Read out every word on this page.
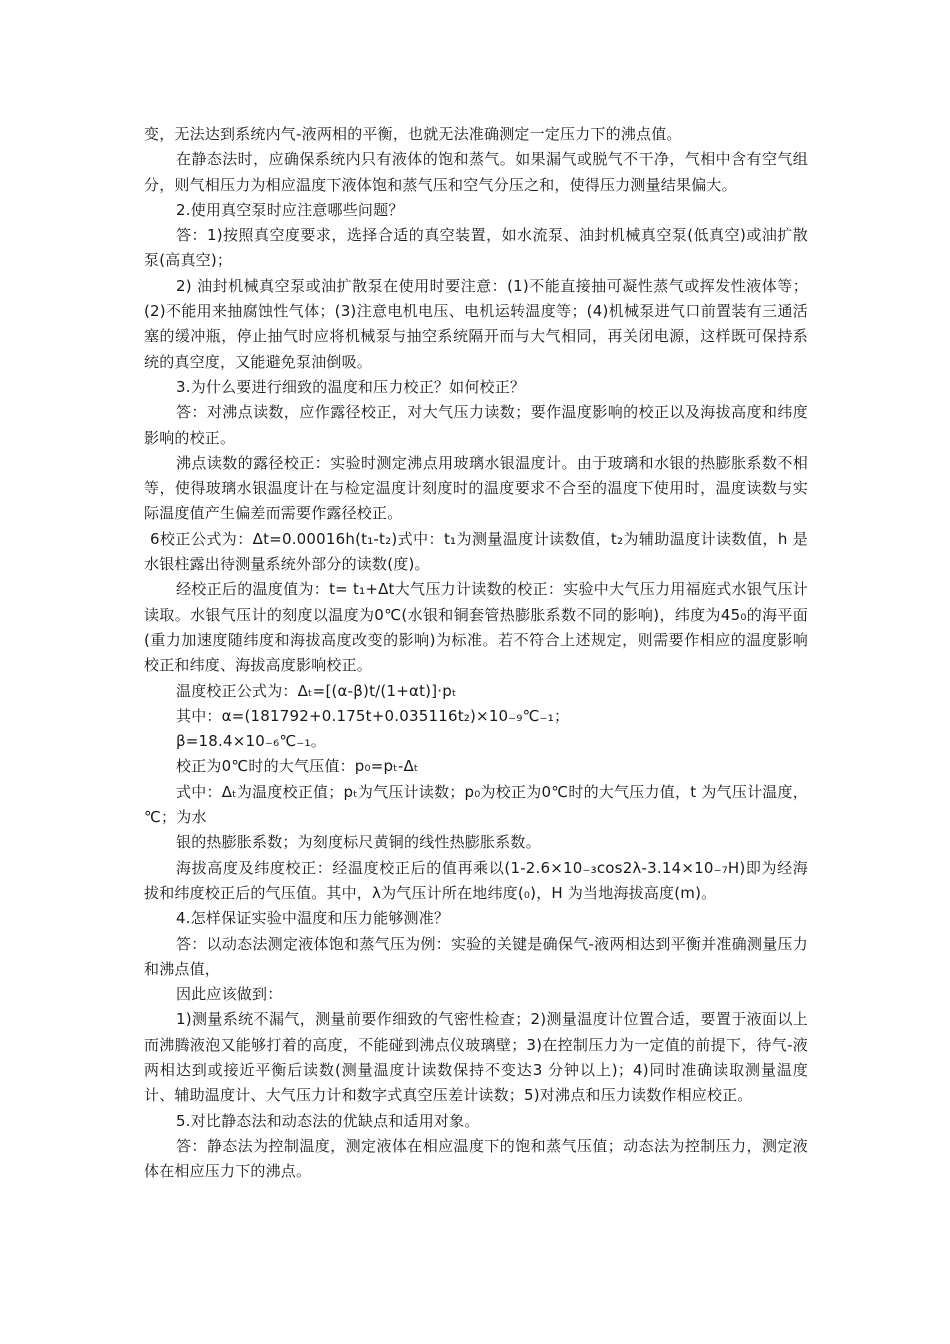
变，无法达到系统内气-液两相的平衡，也就无法准确测定一定压力下的沸点值。

在静态法时，应确保系统内只有液体的饱和蒸气。如果漏气或脱气不干净，气相中含有空气组分，则气相压力为相应温度下液体饱和蒸气压和空气分压之和，使得压力测量结果偏大。

2.使用真空泵时应注意哪些问题？

答：1)按照真空度要求，选择合适的真空装置，如水流泵、油封机械真空泵(低真空)或油扩散泵(高真空)；

2) 油封机械真空泵或油扩散泵在使用时要注意：(1)不能直接抽可凝性蒸气或挥发性液体等；(2)不能用来抽腐蚀性气体；(3)注意电机电压、电机运转温度等；(4)机械泵进气口前置装有三通活塞的缓冲瓶，停止抽气时应将机械泵与抽空系统隔开而与大气相同，再关闭电源，这样既可保持系统的真空度，又能避免泵油倒吸。

3.为什么要进行细致的温度和压力校正？如何校正？

答：对沸点读数，应作露径校正，对大气压力读数；要作温度影响的校正以及海拔高度和纬度影响的校正。

沸点读数的露径校正：实验时测定沸点用玻璃水银温度计。由于玻璃和水银的热膨胀系数不相等，使得玻璃水银温度计在与检定温度计刻度时的温度要求不合至的温度下使用时，温度读数与实际温度值产生偏差而需要作露径校正。

6校正公式为：Δt=0.00016h(t₁-t₂)式中：t₁为测量温度计读数值，t₂为辅助温度计读数值，h 是水银柱露出待测量系统外部分的读数(度)。

经校正后的温度值为：t= t₁+Δt大气压力计读数的校正：实验中大气压力用福庭式水银气压计读取。水银气压计的刻度以温度为0℃(水银和铜套管热膨胀系数不同的影响)，纬度为45₀的海平面(重力加速度随纬度和海拔高度改变的影响)为标准。若不符合上述规定，则需要作相应的温度影响校正和纬度、海拔高度影响校正。

温度校正公式为：Δₜ=[(α-β)t/(1+αt)]·pₜ

其中：α=(181792+0.175t+0.035116t₂)×10₋₉℃₋₁；

β=18.4×10₋₆℃₋₁。

校正为0℃时的大气压值：p₀=pₜ-Δₜ

式中：Δₜ为温度校正值；pₜ为气压计读数；p₀为校正为0℃时的大气压力值，t 为气压计温度，℃；为水

银的热膨胀系数；为刻度标尺黄铜的线性热膨胀系数。

海拔高度及纬度校正：经温度校正后的值再乘以(1-2.6×10₋₃cos2λ-3.14×10₋₇H)即为经海拔和纬度校正后的气压值。其中，λ为气压计所在地纬度(₀)，H 为当地海拔高度(m)。

4.怎样保证实验中温度和压力能够测准？

答：以动态法测定液体饱和蒸气压为例：实验的关键是确保气-液两相达到平衡并准确测量压力和沸点值，

因此应该做到：

1)测量系统不漏气，测量前要作细致的气密性检查；2)测量温度计位置合适，要置于液面以上而沸腾液泡又能够打着的高度，不能碰到沸点仪玻璃壁；3)在控制压力为一定值的前提下，待气-液两相达到或接近平衡后读数(测量温度计读数保持不变达3 分钟以上)；4)同时准确读取测量温度计、辅助温度计、大气压力计和数字式真空压差计读数；5)对沸点和压力读数作相应校正。

5.对比静态法和动态法的优缺点和适用对象。

答：静态法为控制温度，测定液体在相应温度下的饱和蒸气压值；动态法为控制压力，测定液体在相应压力下的沸点。
